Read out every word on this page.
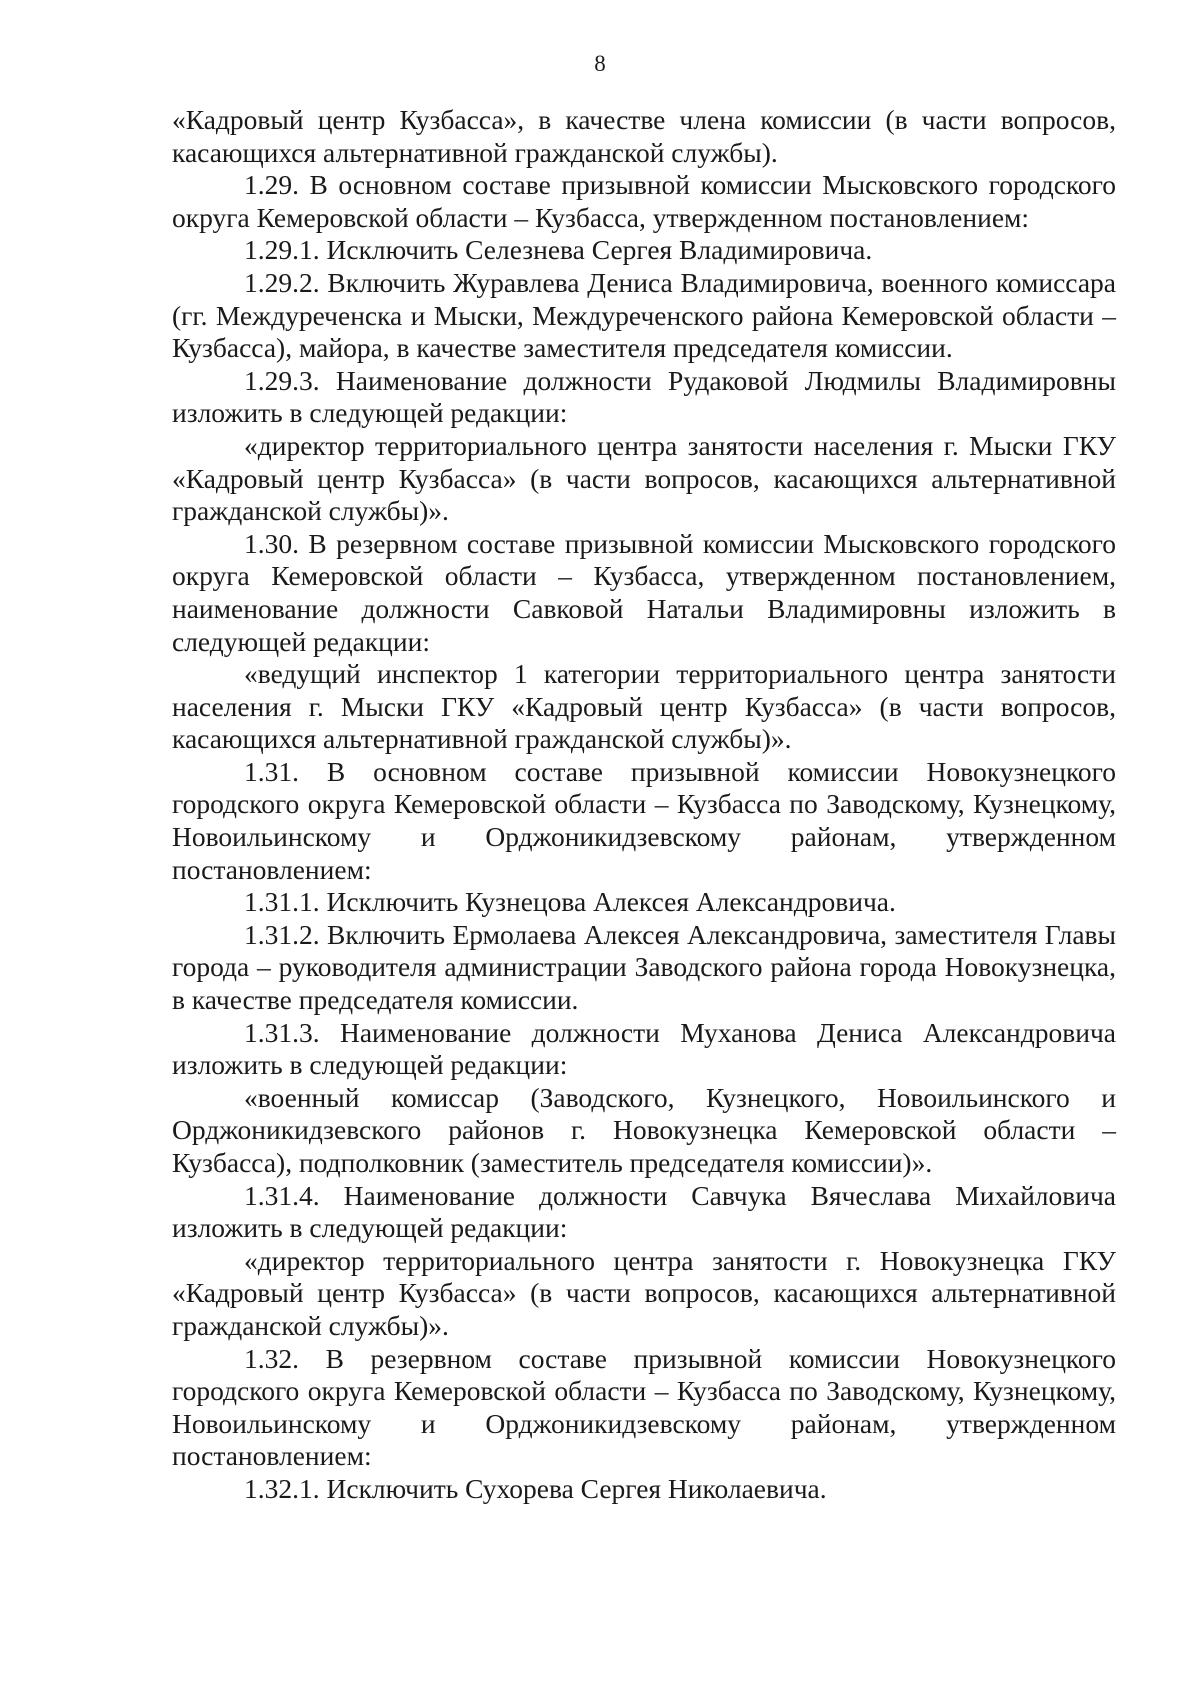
8

«Кадровый центр Кузбасса», в качестве члена комиссии (в части вопросов, касающихся альтернативной гражданской службы).

1.29. В основном составе призывной комиссии Мысковского городского округа Кемеровской области – Кузбасса, утвержденном постановлением:

1.29.1. Исключить Селезнева Сергея Владимировича.

1.29.2. Включить Журавлева Дениса Владимировича, военного комиссара (гг. Междуреченска и Мыски, Междуреченского района Кемеровской области – Кузбасса), майора, в качестве заместителя председателя комиссии.

1.29.3. Наименование должности Рудаковой Людмилы Владимировны изложить в следующей редакции:

«директор территориального центра занятости населения г. Мыски ГКУ «Кадровый центр Кузбасса» (в части вопросов, касающихся альтернативной гражданской службы)».

1.30. В резервном составе призывной комиссии Мысковского городского округа Кемеровской области – Кузбасса, утвержденном постановлением, наименование должности Савковой Натальи Владимировны изложить в следующей редакции:

«ведущий инспектор 1 категории территориального центра занятости населения г. Мыски ГКУ «Кадровый центр Кузбасса» (в части вопросов, касающихся альтернативной гражданской службы)».

1.31. В основном составе призывной комиссии Новокузнецкого городского округа Кемеровской области – Кузбасса по Заводскому, Кузнецкому, Новоильинскому и Орджоникидзевскому районам, утвержденном постановлением:

1.31.1. Исключить Кузнецова Алексея Александровича.

1.31.2. Включить Ермолаева Алексея Александровича, заместителя Главы города – руководителя администрации Заводского района города Новокузнецка, в качестве председателя комиссии.

1.31.3. Наименование должности Муханова Дениса Александровича изложить в следующей редакции:

«военный комиссар (Заводского, Кузнецкого, Новоильинского и Орджоникидзевского районов г. Новокузнецка Кемеровской области – Кузбасса), подполковник (заместитель председателя комиссии)».

1.31.4. Наименование должности Савчука Вячеслава Михайловича изложить в следующей редакции:

«директор территориального центра занятости г. Новокузнецка ГКУ «Кадровый центр Кузбасса» (в части вопросов, касающихся альтернативной гражданской службы)».

1.32. В резервном составе призывной комиссии Новокузнецкого городского округа Кемеровской области – Кузбасса по Заводскому, Кузнецкому, Новоильинскому и Орджоникидзевскому районам, утвержденном постановлением:

1.32.1. Исключить Сухорева Сергея Николаевича.
